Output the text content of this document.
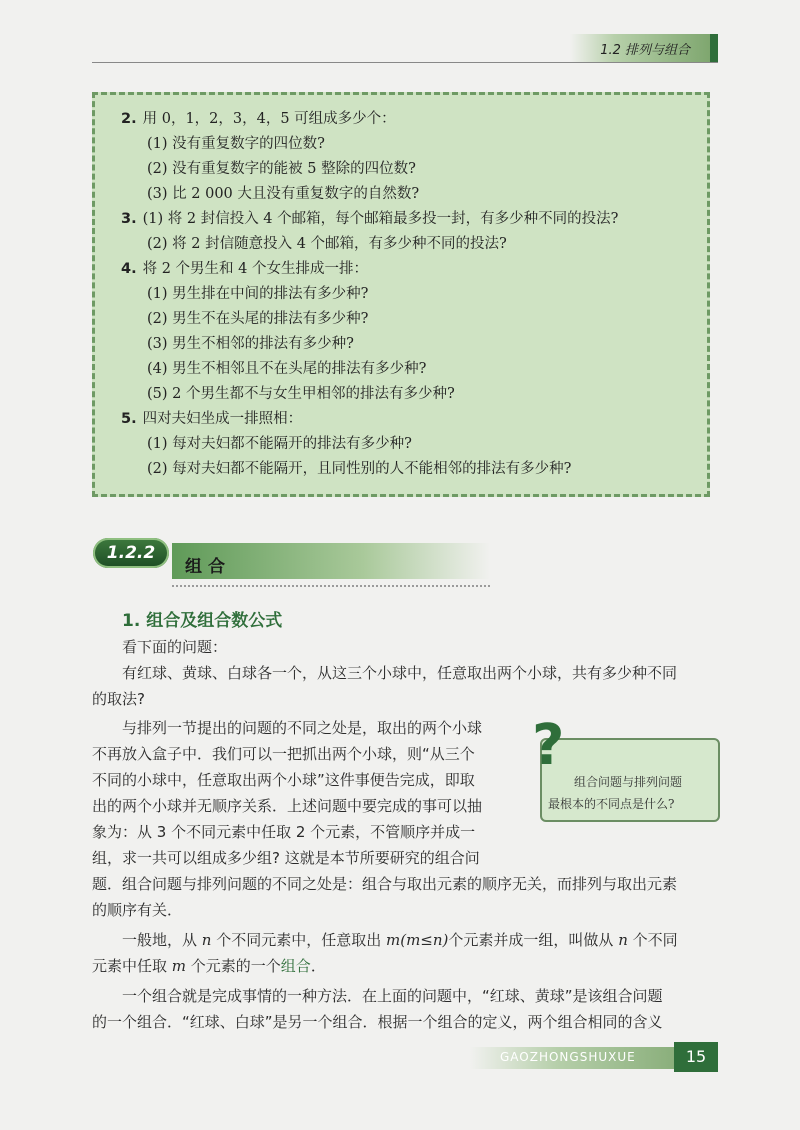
1.2 排列与组合
2. 用 0，1，2，3，4，5 可组成多少个：
(1) 没有重复数字的四位数?
(2) 没有重复数字的能被 5 整除的四位数?
(3) 比 2 000 大且没有重复数字的自然数?
3. (1) 将 2 封信投入 4 个邮箱，每个邮箱最多投一封，有多少种不同的投法?
(2) 将 2 封信随意投入 4 个邮箱，有多少种不同的投法?
4. 将 2 个男生和 4 个女生排成一排：
(1) 男生排在中间的排法有多少种?
(2) 男生不在头尾的排法有多少种?
(3) 男生不相邻的排法有多少种?
(4) 男生不相邻且不在头尾的排法有多少种?
(5) 2 个男生都不与女生甲相邻的排法有多少种?
5. 四对夫妇坐成一排照相：
(1) 每对夫妇都不能隔开的排法有多少种?
(2) 每对夫妇都不能隔开，且同性别的人不能相邻的排法有多少种?
1.2.2
组合
1. 组合及组合数公式
看下面的问题：
有红球、黄球、白球各一个，从这三个小球中，任意取出两个小球，共有多少种不同
的取法?
与排列一节提出的问题的不同之处是，取出的两个小球
不再放入盒子中．我们可以一把抓出两个小球，则“从三个
不同的小球中，任意取出两个小球”这件事便告完成，即取
出的两个小球并无顺序关系．上述问题中要完成的事可以抽
象为：从 3 个不同元素中任取 2 个元素，不管顺序并成一
组，求一共可以组成多少组? 这就是本节所要研究的组合问
题．组合问题与排列问题的不同之处是：组合与取出元素的顺序无关，而排列与取出元素
的顺序有关．
一般地，从 n 个不同元素中，任意取出 m(m≤n)个元素并成一组，叫做从 n 个不同
元素中任取 m 个元素的一个组合．
一个组合就是完成事情的一种方法．在上面的问题中，“红球、黄球”是该组合问题
的一个组合．“红球、白球”是另一个组合．根据一个组合的定义，两个组合相同的含义
?
组合问题与排列问题
最根本的不同点是什么?
GAOZHONGSHUXUE	15
